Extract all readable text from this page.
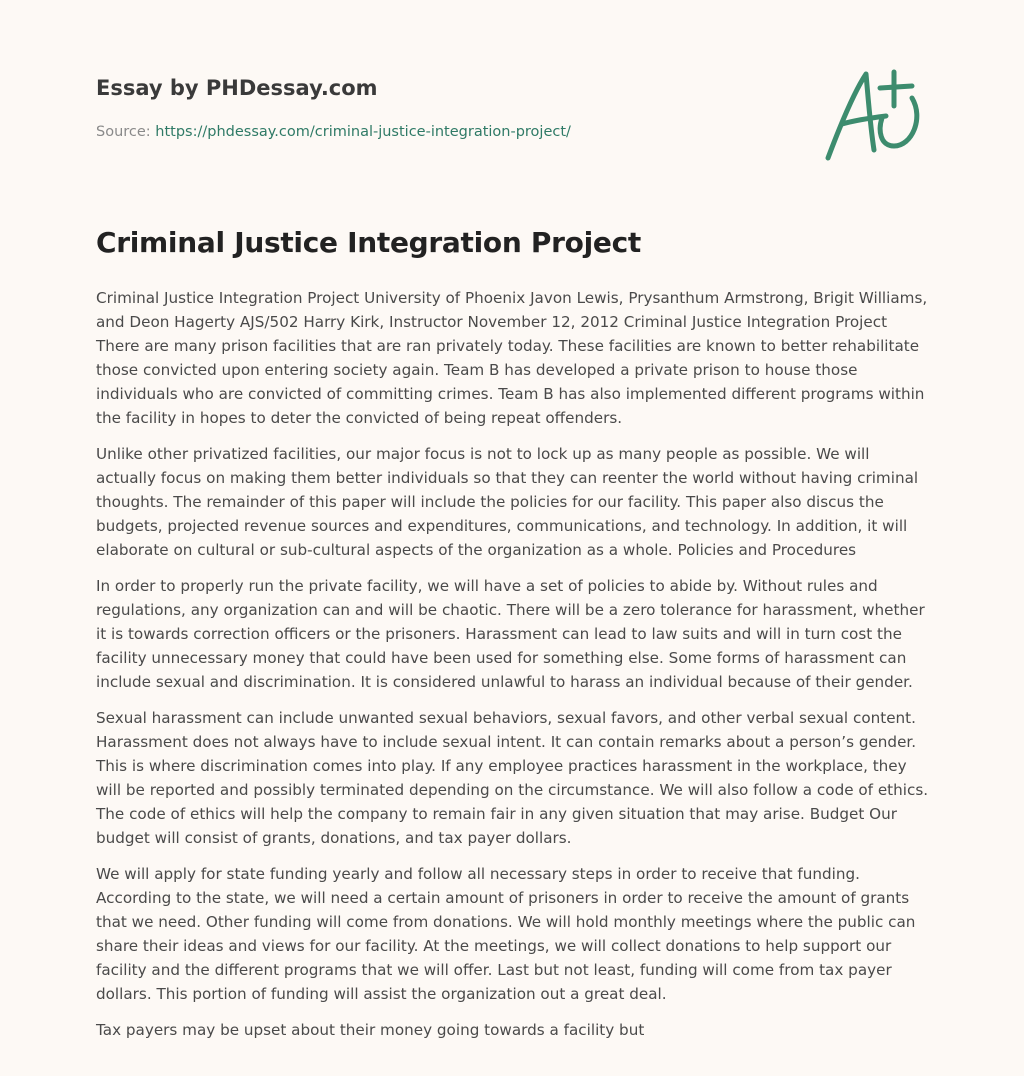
Essay by PHDessay.com
Source: https://phdessay.com/criminal-justice-integration-project/
Criminal Justice Integration Project

Criminal Justice Integration Project University of Phoenix Javon Lewis, Prysanthum Armstrong, Brigit Williams, and Deon Hagerty AJS/502 Harry Kirk, Instructor November 12, 2012 Criminal Justice Integration Project There are many prison facilities that are ran privately today. These facilities are known to better rehabilitate those convicted upon entering society again. Team B has developed a private prison to house those individuals who are convicted of committing crimes. Team B has also implemented different programs within the facility in hopes to deter the convicted of being repeat offenders.

Unlike other privatized facilities, our major focus is not to lock up as many people as possible. We will actually focus on making them better individuals so that they can reenter the world without having criminal thoughts. The remainder of this paper will include the policies for our facility. This paper also discus the budgets, projected revenue sources and expenditures, communications, and technology. In addition, it will elaborate on cultural or sub-cultural aspects of the organization as a whole. Policies and Procedures

In order to properly run the private facility, we will have a set of policies to abide by. Without rules and regulations, any organization can and will be chaotic. There will be a zero tolerance for harassment, whether it is towards correction officers or the prisoners. Harassment can lead to law suits and will in turn cost the facility unnecessary money that could have been used for something else. Some forms of harassment can include sexual and discrimination. It is considered unlawful to harass an individual because of their gender.

Sexual harassment can include unwanted sexual behaviors, sexual favors, and other verbal sexual content. Harassment does not always have to include sexual intent. It can contain remarks about a person’s gender. This is where discrimination comes into play. If any employee practices harassment in the workplace, they will be reported and possibly terminated depending on the circumstance. We will also follow a code of ethics. The code of ethics will help the company to remain fair in any given situation that may arise. Budget Our budget will consist of grants, donations, and tax payer dollars.

We will apply for state funding yearly and follow all necessary steps in order to receive that funding. According to the state, we will need a certain amount of prisoners in order to receive the amount of grants that we need. Other funding will come from donations. We will hold monthly meetings where the public can share their ideas and views for our facility. At the meetings, we will collect donations to help support our facility and the different programs that we will offer. Last but not least, funding will come from tax payer dollars. This portion of funding will assist the organization out a great deal.

Tax payers may be upset about their money going towards a facility but
